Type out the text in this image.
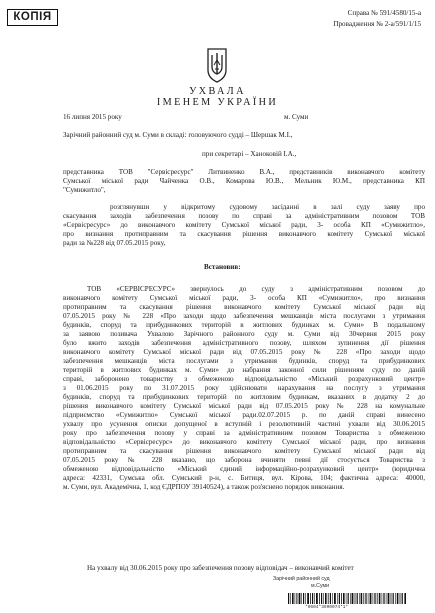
КОПІЯ	Справа № 591/4580/15-а
Провадження № 2-а/591/1/15
УХВАЛА
ІМЕНЕМ УКРАЇНИ
16 липня 2015 року	м. Суми
Зарічний районний суд м. Суми в складі: головуючого судді – Шершак М.І.,
при секретарі – Ханоковій І.А.,
представника ТОВ "Сервісресурс" Литвиненко В.А., представників виконавчого комітету
Сумської міської ради Чайченка О.В., Комарова Ю.В., Мельник Ю.М., представника КП
"Сумижитло",
розглянувши у відкритому судовому засіданні в залі суду заяву про
скасування заходів забезпечення позову по справі за адміністративним позовом ТОВ
«Сервісресурс» до виконавчого комітету Сумської міської ради, 3- особа КП «Сумижитло»,
про визнання протиправним та скасування рішення виконавчого комітету Сумської міської
ради за №228 від 07.05.2015 року,
Встановив:
ТОВ «СЕРВІСРЕСУРС» звернулось до суду з адміністративним позовом до
виконавчого комітету Сумської міської ради, 3- особа КП «Сумижитло», про визнання
протиправним та скасування рішення виконавчого комітету Сумської міської ради від
07.05.2015 року № 228 «Про заходи щодо забезпечення мешканців міста послугами з утримання
будинків, споруд та прибудинкових територій в житлових будинках м. Суми» В подальшому
за заявою позивача Ухвалою Зарічного районного суду м. Суми від 30червня 2015 року
було вжито заходів забезпечення адміністративного позову, шляхом зупинення дії рішення
виконавчого комітету Сумської міської ради від 07.05.2015 року № 228 «Про заходи щодо
забезпечення мешканців міста послугами з утримання будинків, споруд та прибудинкових
територій в житлових будинках м. Суми» до набрання законної сили рішенням суду по даній
справі, заборонено товариству з обмеженою відповідальністю «Міський розрахунковий центр»
з 01.06.2015 року по 31.07.2015 року здійснювати нарахування на послугу з утримання
будинків, споруд та прибудинкових територій по житловим будинкам, вказаних в додатку 2 до
рішення виконавчого комітету Сумської міської ради від 07.05.2015 року № 228 на комунальне
підприємство «Сумижитло» Сумської міської ради.02.07.2015 р. по даній справі винесено
ухвалу про усунення описки допущеної в вступній і резолютивній частині ухвали від 30.06.2015
року про забезпечення позову у справі за адміністративним позовом Товариства з обмеженою
відповідальністю «Сервісресурс» до виконавчого комітету Сумської міської ради, про визнання
протиправним та скасування рішення виконавчого комітету Сумської міської ради від
07.05.2015 року № 228 вказано, що заборона вчиняти певні дії стосується Товариства з
обмеженою відповідальністю «Міський єдиний інформаційно-розрахунковий центр» (юридична
адреса: 42331, Сумська обл. Сумський р-н, с. Битиця, вул. Кірова, 104; фактична адреса: 40000,
м. Суми, вул. Академічна, 1, код ЄДРПОУ 39140524), а також роз'яснено порядок виконання.
На ухвалу від 30.06.2015 року про забезпечення позову відповідач – виконавчий комітет
Зарічний районний суд
м.Суми
*9604*3990074*1*
